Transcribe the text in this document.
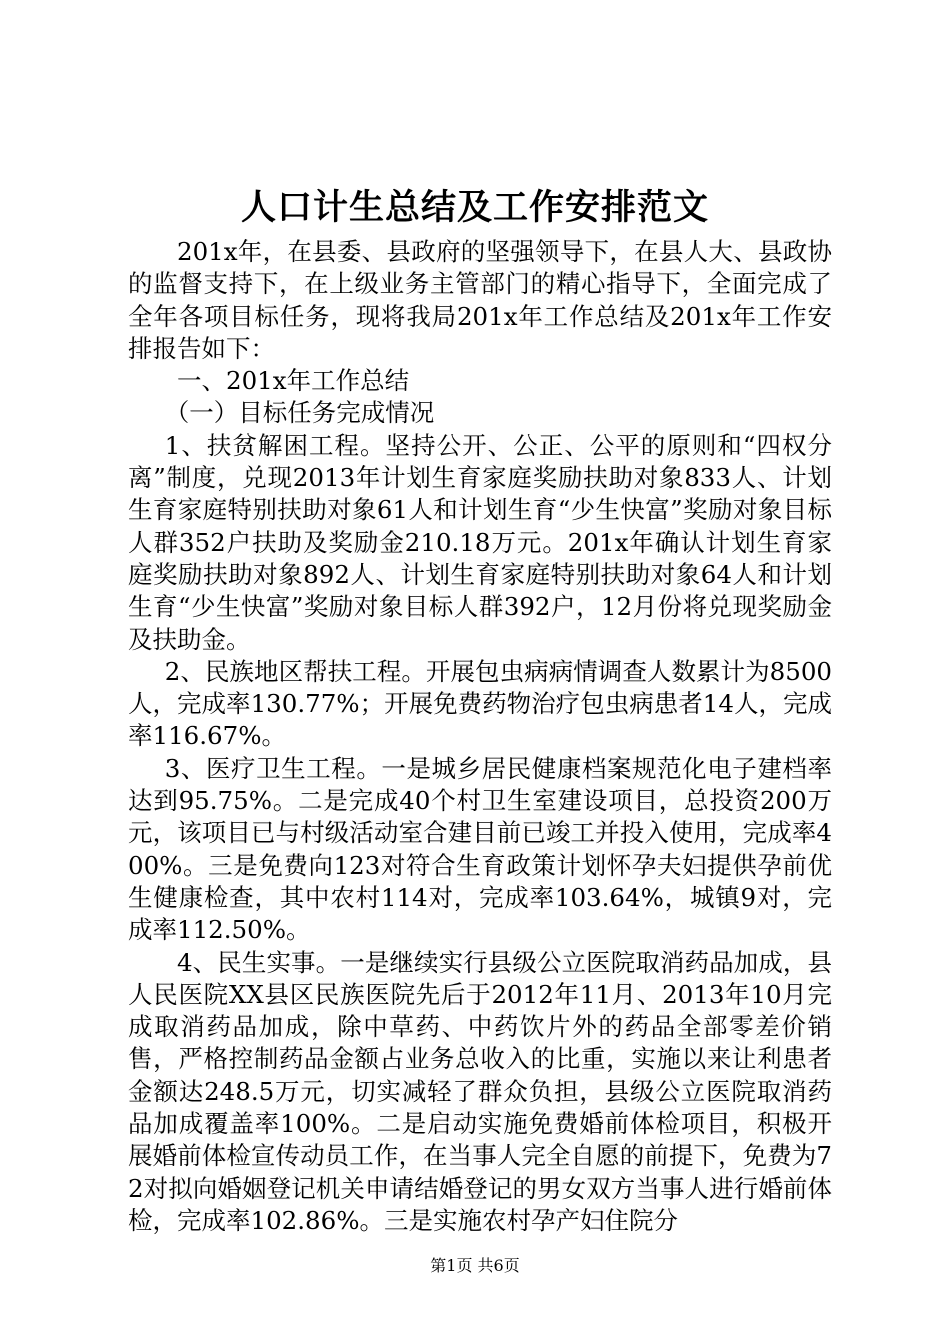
人口计生总结及工作安排范文

201x年，在县委、县政府的坚强领导下，在县人大、县政协的监督支持下，在上级业务主管部门的精心指导下，全面完成了全年各项目标任务，现将我局201x年工作总结及201x年工作安排报告如下：

一、201x年工作总结

（一）目标任务完成情况

1、扶贫解困工程。坚持公开、公正、公平的原则和“四权分离”制度，兑现2013年计划生育家庭奖励扶助对象833人、计划生育家庭特别扶助对象61人和计划生育“少生快富”奖励对象目标人群352户扶助及奖励金210.18万元。201x年确认计划生育家庭奖励扶助对象892人、计划生育家庭特别扶助对象64人和计划生育“少生快富”奖励对象目标人群392户，12月份将兑现奖励金及扶助金。

2、民族地区帮扶工程。开展包虫病病情调查人数累计为8500人，完成率130.77%；开展免费药物治疗包虫病患者14人，完成率116.67%。

3、医疗卫生工程。一是城乡居民健康档案规范化电子建档率达到95.75%。二是完成40个村卫生室建设项目，总投资200万元，该项目已与村级活动室合建目前已竣工并投入使用，完成率400%。三是免费向123对符合生育政策计划怀孕夫妇提供孕前优生健康检查，其中农村114对，完成率103.64%，城镇9对，完成率112.50%。

4、民生实事。一是继续实行县级公立医院取消药品加成，县人民医院XX县区民族医院先后于2012年11月、2013年10月完成取消药品加成，除中草药、中药饮片外的药品全部零差价销售，严格控制药品金额占业务总收入的比重，实施以来让利患者金额达248.5万元，切实减轻了群众负担，县级公立医院取消药品加成覆盖率100%。二是启动实施免费婚前体检项目，积极开展婚前体检宣传动员工作，在当事人完全自愿的前提下，免费为72对拟向婚姻登记机关申请结婚登记的男女双方当事人进行婚前体检，完成率102.86%。三是实施农村孕产妇住院分

第1页 共6页
